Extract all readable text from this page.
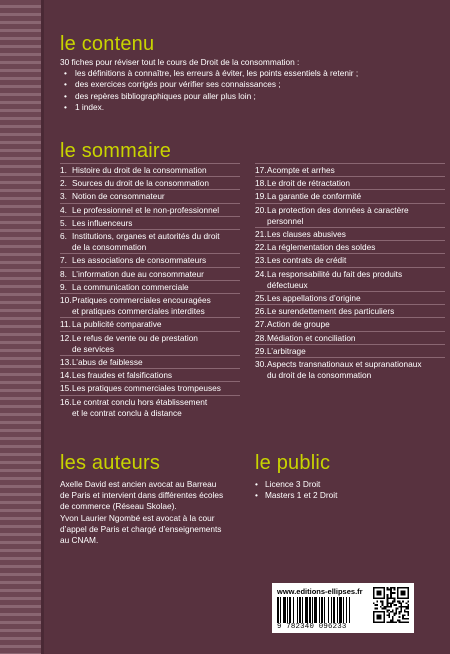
le contenu
30 fiches pour réviser tout le cours de Droit de la consommation :
• les définitions à connaître, les erreurs à éviter, les points essentiels à retenir ;
• des exercices corrigés pour vérifier ses connaissances ;
• des repères bibliographiques pour aller plus loin ;
• 1 index.
le sommaire
1. Histoire du droit de la consommation
2. Sources du droit de la consommation
3. Notion de consommateur
4. Le professionnel et le non-professionnel
5. Les influenceurs
6. Institutions, organes et autorités du droit
de la consommation
7. Les associations de consommateurs
8. L’information due au consommateur
9. La communication commerciale
10. Pratiques commerciales encouragées
et pratiques commerciales interdites
11. La publicité comparative
12. Le refus de vente ou de prestation
de services
13. L’abus de faiblesse
14. Les fraudes et falsifications
15. Les pratiques commerciales trompeuses
16. Le contrat conclu hors établissement
et le contrat conclu à distance
17. Acompte et arrhes
18. Le droit de rétractation
19. La garantie de conformité
20. La protection des données à caractère
personnel
21. Les clauses abusives
22. La réglementation des soldes
23. Les contrats de crédit
24. La responsabilité du fait des produits
défectueux
25. Les appellations d’origine
26. Le surendettement des particuliers
27. Action de groupe
28. Médiation et conciliation
29. L’arbitrage
30. Aspects transnationaux et supranationaux
du droit de la consommation
les auteurs

Axelle David est ancien avocat au Barreau

de Paris et intervient dans différentes écoles

de commerce (Réseau Skolae).

Yvon Laurier Ngombé est avocat à la cour

d’appel de Paris et chargé d’enseignements

au CNAM.

le public
• Licence 3 Droit
• Masters 1 et 2 Droit
www.editions-ellipses.fr
9 782340 096233
